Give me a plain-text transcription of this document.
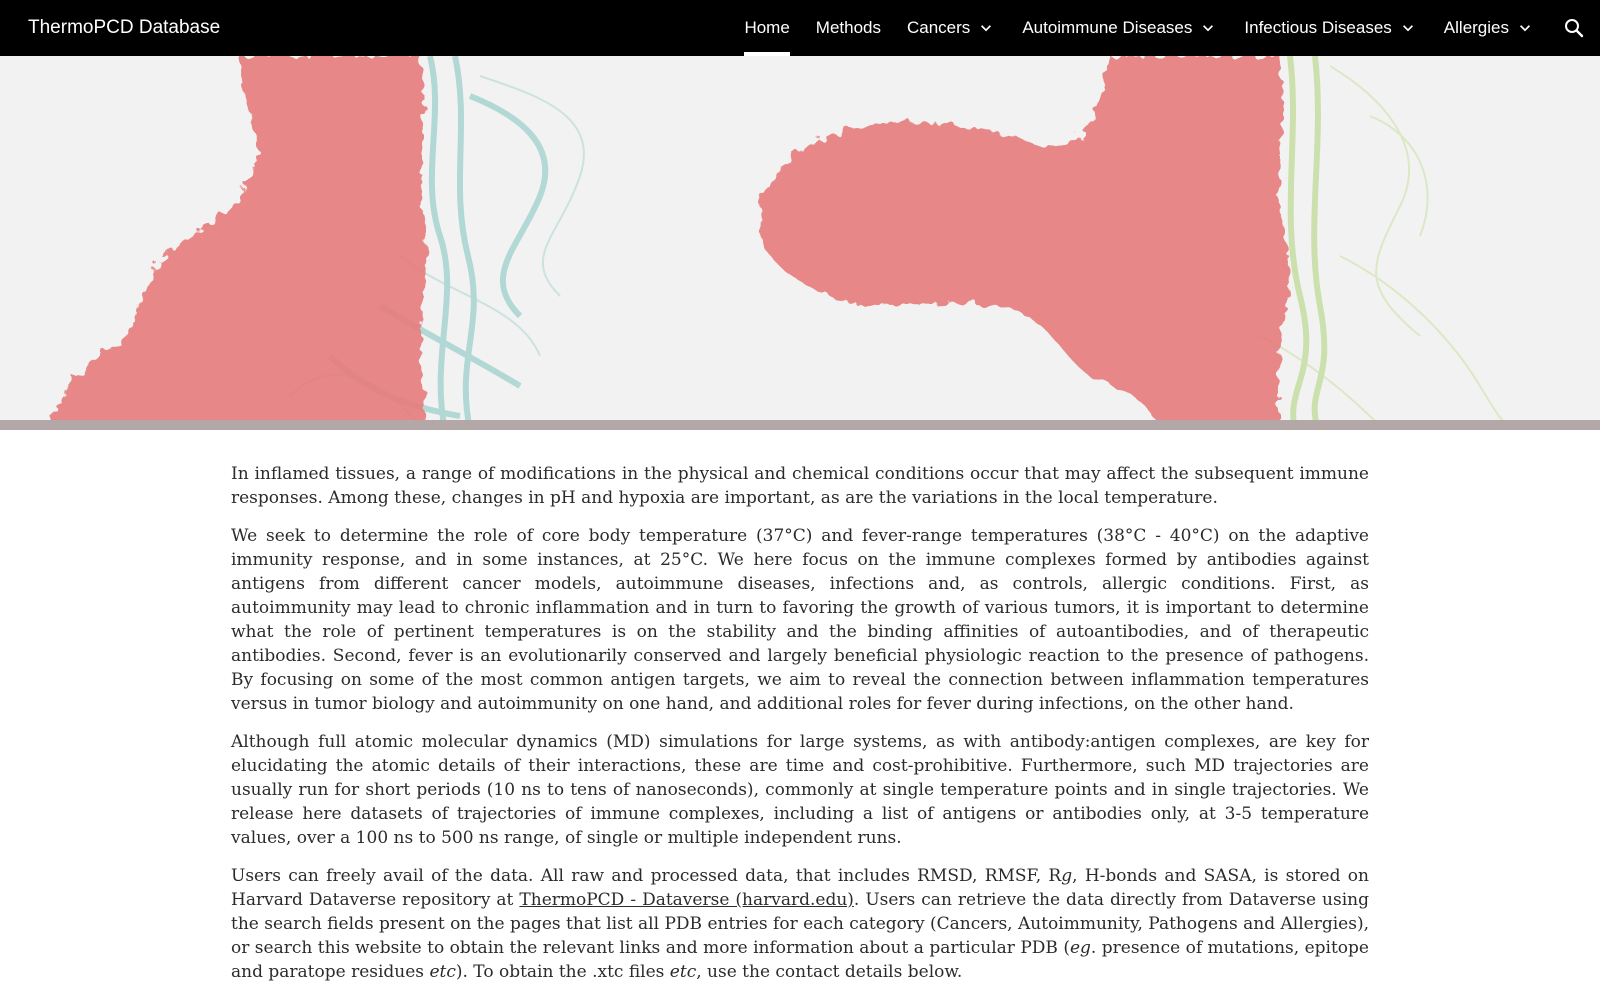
ThermoPCD Database	Home Methods Cancers	Autoimmune Diseases	Infectious Diseases	Allergies

In inflamed tissues, a range of modifications in the physical and chemical conditions occur that may affect the subsequent immune responses. Among these, changes in pH and hypoxia are important, as are the variations in the local temperature.

We seek to determine the role of core body temperature (37°C) and fever-range temperatures (38°C - 40°C) on the adaptive immunity response, and in some instances, at 25°C. We here focus on the immune complexes formed by antibodies against antigens from different cancer models, autoimmune diseases, infections and, as controls, allergic conditions. First, as autoimmunity may lead to chronic inflammation and in turn to favoring the growth of various tumors, it is important to determine what the role of pertinent temperatures is on the stability and the binding affinities of autoantibodies, and of therapeutic antibodies. Second, fever is an evolutionarily conserved and largely beneficial physiologic reaction to the presence of pathogens. By focusing on some of the most common antigen targets, we aim to reveal the connection between inflammation temperatures versus in tumor biology and autoimmunity on one hand, and additional roles for fever during infections, on the other hand.

Although full atomic molecular dynamics (MD) simulations for large systems, as with antibody:antigen complexes, are key for elucidating the atomic details of their interactions, these are time and cost-prohibitive. Furthermore, such MD trajectories are usually run for short periods (10 ns to tens of nanoseconds), commonly at single temperature points and in single trajectories. We release here datasets of trajectories of immune complexes, including a list of antigens or antibodies only, at 3-5 temperature values, over a 100 ns to 500 ns range, of single or multiple independent runs.

Users can freely avail of the data. All raw and processed data, that includes RMSD, RMSF, Rg, H-bonds and SASA, is stored on Harvard Dataverse repository at ThermoPCD - Dataverse (harvard.edu). Users can retrieve the data directly from Dataverse using the search fields present on the pages that list all PDB entries for each category (Cancers, Autoimmunity, Pathogens and Allergies), or search this website to obtain the relevant links and more information about a particular PDB (eg. presence of mutations, epitope and paratope residues etc). To obtain the .xtc files etc, use the contact details below.
